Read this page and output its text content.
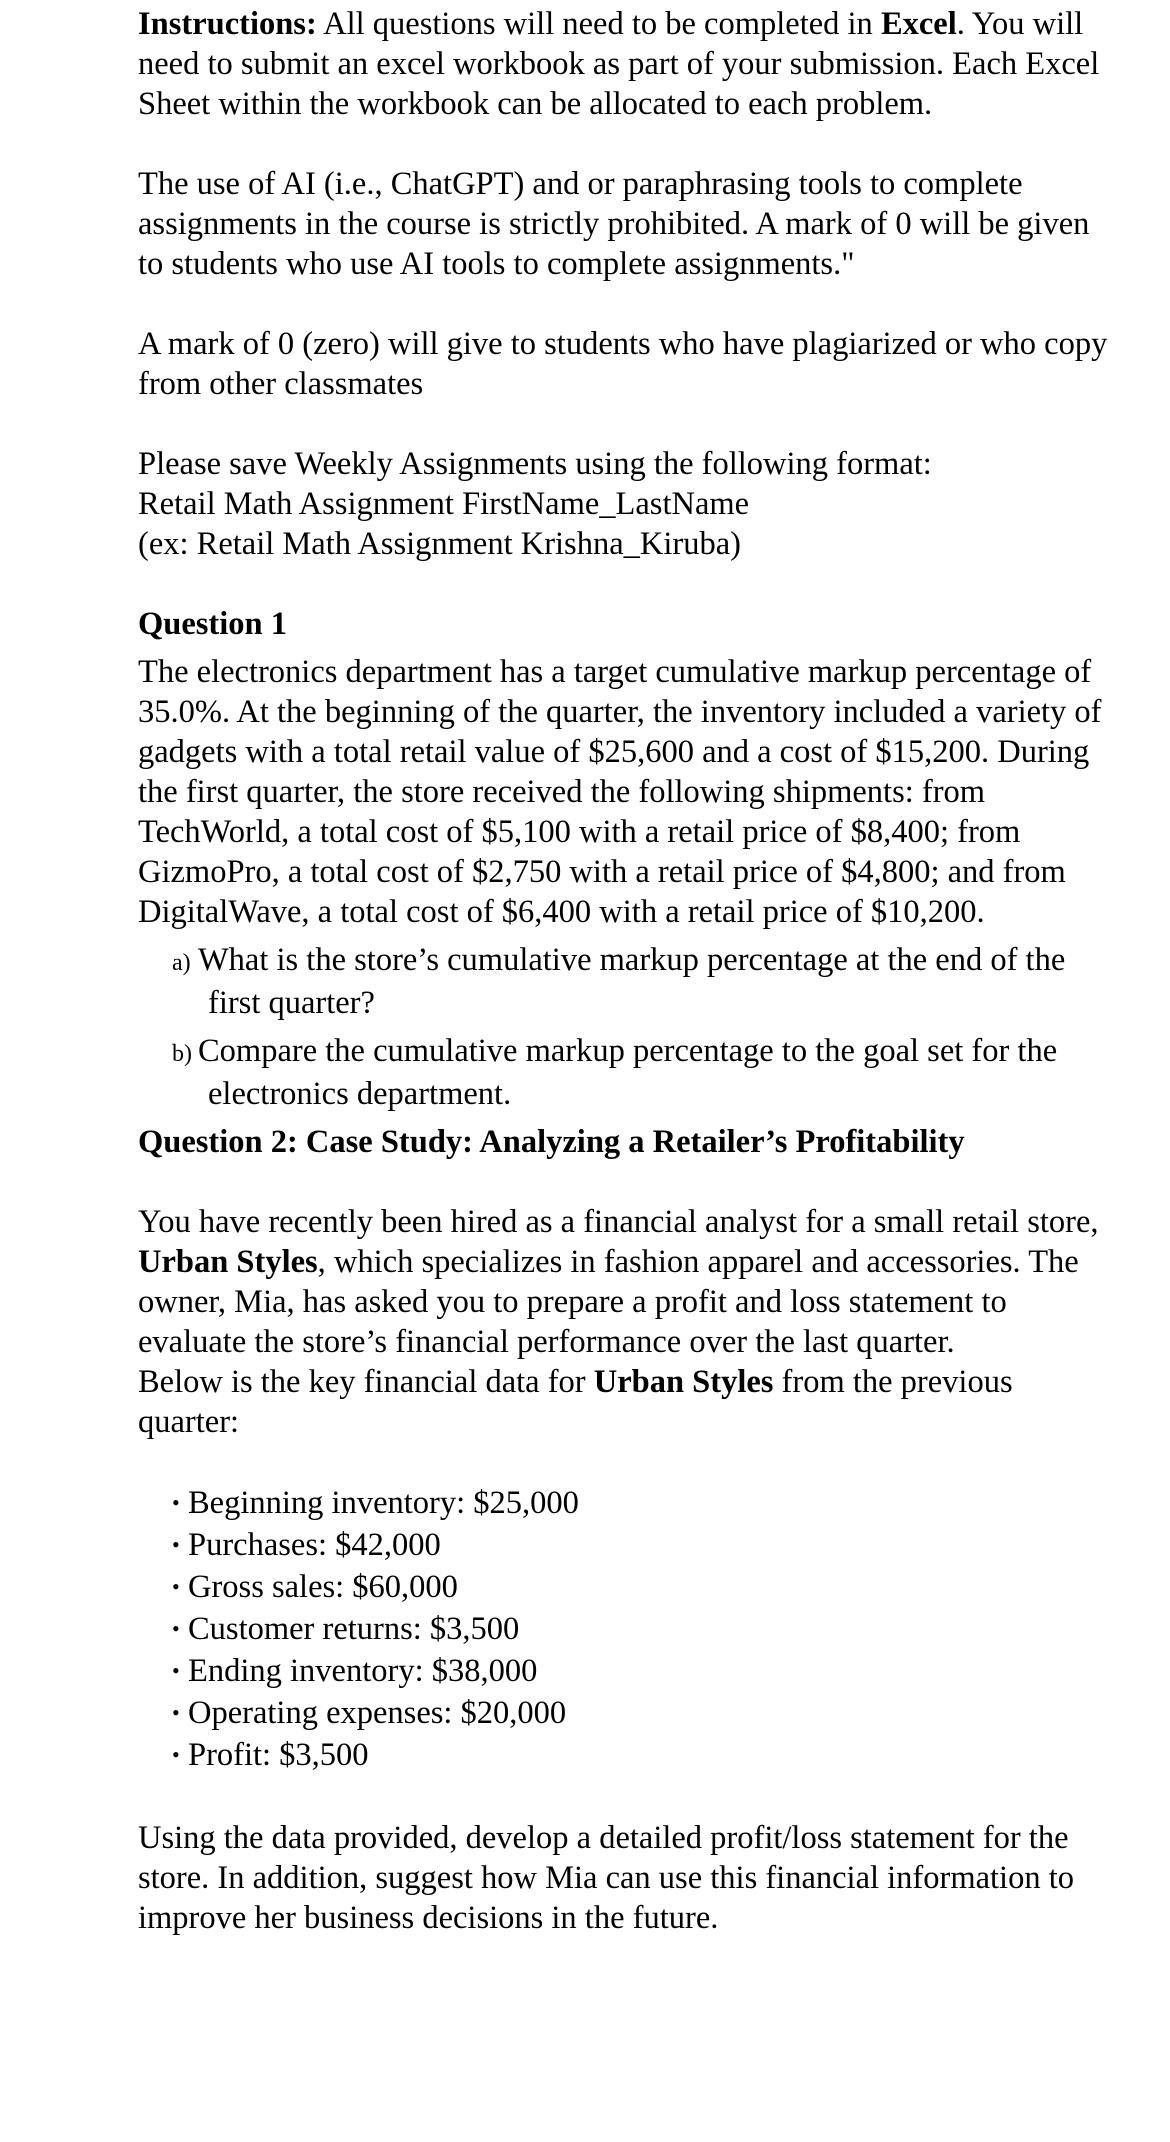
Instructions: All questions will need to be completed in Excel. You will need to submit an excel workbook as part of your submission. Each Excel Sheet within the workbook can be allocated to each problem.

The use of AI (i.e., ChatGPT) and or paraphrasing tools to complete assignments in the course is strictly prohibited. A mark of 0 will be given to students who use AI tools to complete assignments."

A mark of 0 (zero) will give to students who have plagiarized or who copy from other classmates

Please save Weekly Assignments using the following format:

Retail Math Assignment FirstName_LastName

(ex: Retail Math Assignment Krishna_Kiruba)

Question 1

The electronics department has a target cumulative markup percentage of 35.0%. At the beginning of the quarter, the inventory included a variety of gadgets with a total retail value of $25,600 and a cost of $15,200. During the first quarter, the store received the following shipments: from TechWorld, a total cost of $5,100 with a retail price of $8,400; from GizmoPro, a total cost of $2,750 with a retail price of $4,800; and from DigitalWave, a total cost of $6,400 with a retail price of $10,200.

a) What is the store’s cumulative markup percentage at the end of the first quarter?

b) Compare the cumulative markup percentage to the goal set for the electronics department.

Question 2: Case Study: Analyzing a Retailer’s Profitability

You have recently been hired as a financial analyst for a small retail store, Urban Styles, which specializes in fashion apparel and accessories. The owner, Mia, has asked you to prepare a profit and loss statement to evaluate the store’s financial performance over the last quarter.

Below is the key financial data for Urban Styles from the previous quarter:

• Beginning inventory: $25,000
• Purchases: $42,000
• Gross sales: $60,000
• Customer returns: $3,500
• Ending inventory: $38,000
• Operating expenses: $20,000
• Profit: $3,500

Using the data provided, develop a detailed profit/loss statement for the store. In addition, suggest how Mia can use this financial information to improve her business decisions in the future.
